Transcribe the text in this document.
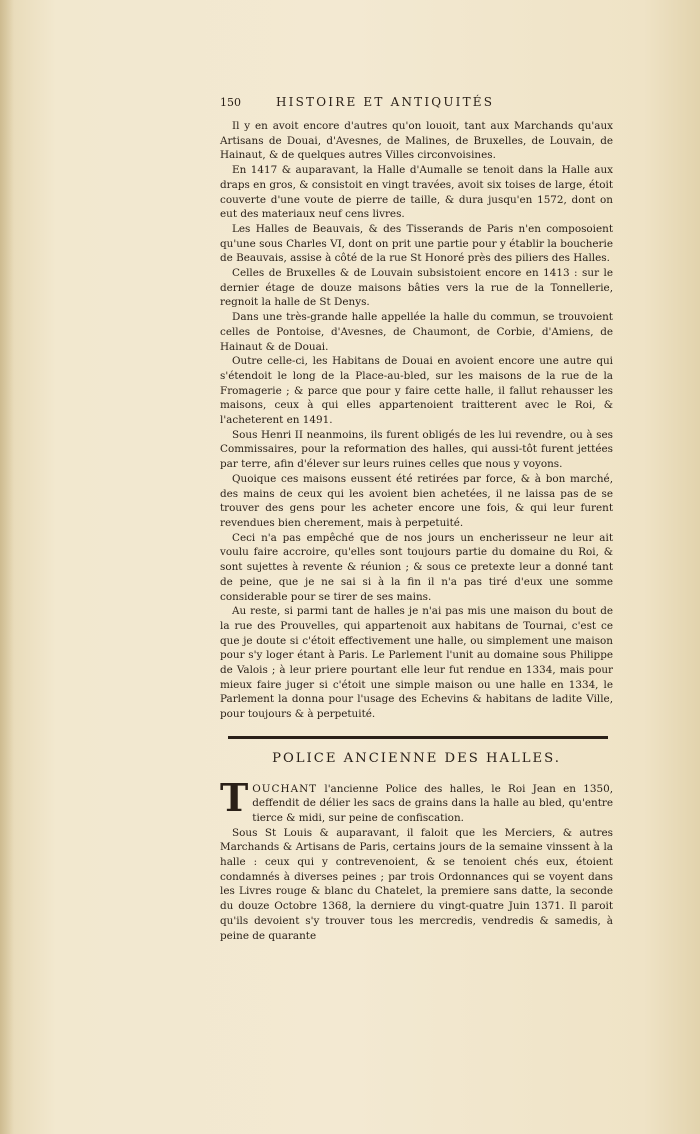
150	HISTOIRE ET ANTIQUITÉS

Il y en avoit encore d'autres qu'on louoit, tant aux Marchands qu'aux Artisans de Douai, d'Avesnes, de Malines, de Bruxelles, de Louvain, de Hainaut, & de quelques autres Villes circonvoisines.

En 1417 & auparavant, la Halle d'Aumalle se tenoit dans la Halle aux draps en gros, & consistoit en vingt travées, avoit six toises de large, étoit couverte d'une voute de pierre de taille, & dura jusqu'en 1572, dont on eut des materiaux neuf cens livres.

Les Halles de Beauvais, & des Tisserands de Paris n'en composoient qu'une sous Charles VI, dont on prit une partie pour y établir la boucherie de Beauvais, assise à côté de la rue St Honoré près des piliers des Halles.

Celles de Bruxelles & de Louvain subsistoient encore en 1413 : sur le dernier étage de douze maisons bâties vers la rue de la Tonnellerie, regnoit la halle de St Denys.

Dans une très-grande halle appellée la halle du commun, se trouvoient celles de Pontoise, d'Avesnes, de Chaumont, de Corbie, d'Amiens, de Hainaut & de Douai.

Outre celle-ci, les Habitans de Douai en avoient encore une autre qui s'étendoit le long de la Place-au-bled, sur les maisons de la rue de la Fromagerie ; & parce que pour y faire cette halle, il fallut rehausser les maisons, ceux à qui elles appartenoient traitterent avec le Roi, & l'acheterent en 1491.

Sous Henri II neanmoins, ils furent obligés de les lui revendre, ou à ses Commissaires, pour la reformation des halles, qui aussi-tôt furent jettées par terre, afin d'élever sur leurs ruines celles que nous y voyons.

Quoique ces maisons eussent été retirées par force, & à bon marché, des mains de ceux qui les avoient bien achetées, il ne laissa pas de se trouver des gens pour les acheter encore une fois, & qui leur furent revendues bien cherement, mais à perpetuité.

Ceci n'a pas empêché que de nos jours un encherisseur ne leur ait voulu faire accroire, qu'elles sont toujours partie du domaine du Roi, & sont sujettes à revente & réunion ; & sous ce pretexte leur a donné tant de peine, que je ne sai si à la fin il n'a pas tiré d'eux une somme considerable pour se tirer de ses mains.

Au reste, si parmi tant de halles je n'ai pas mis une maison du bout de la rue des Prouvelles, qui appartenoit aux habitans de Tournai, c'est ce que je doute si c'étoit effectivement une halle, ou simplement une maison pour s'y loger étant à Paris. Le Parlement l'unit au domaine sous Philippe de Valois ; à leur priere pourtant elle leur fut rendue en 1334, mais pour mieux faire juger si c'étoit une simple maison ou une halle en 1334, le Parlement la donna pour l'usage des Echevins & habitans de ladite Ville, pour toujours & à perpetuité.

POLICE ANCIENNE DES HALLES.

TOUCHANT l'ancienne Police des halles, le Roi Jean en 1350, deffendit de délier les sacs de grains dans la halle au bled, qu'entre tierce & midi, sur peine de confiscation.

Sous St Louis & auparavant, il faloit que les Merciers, & autres Marchands & Artisans de Paris, certains jours de la semaine vinssent à la halle : ceux qui y contrevenoient, & se tenoient chés eux, étoient condamnés à diverses peines ; par trois Ordonnances qui se voyent dans les Livres rouge & blanc du Chatelet, la premiere sans datte, la seconde du douze Octobre 1368, la derniere du vingt-quatre Juin 1371. Il paroit qu'ils devoient s'y trouver tous les mercredis, vendredis & samedis, à peine de quarante
